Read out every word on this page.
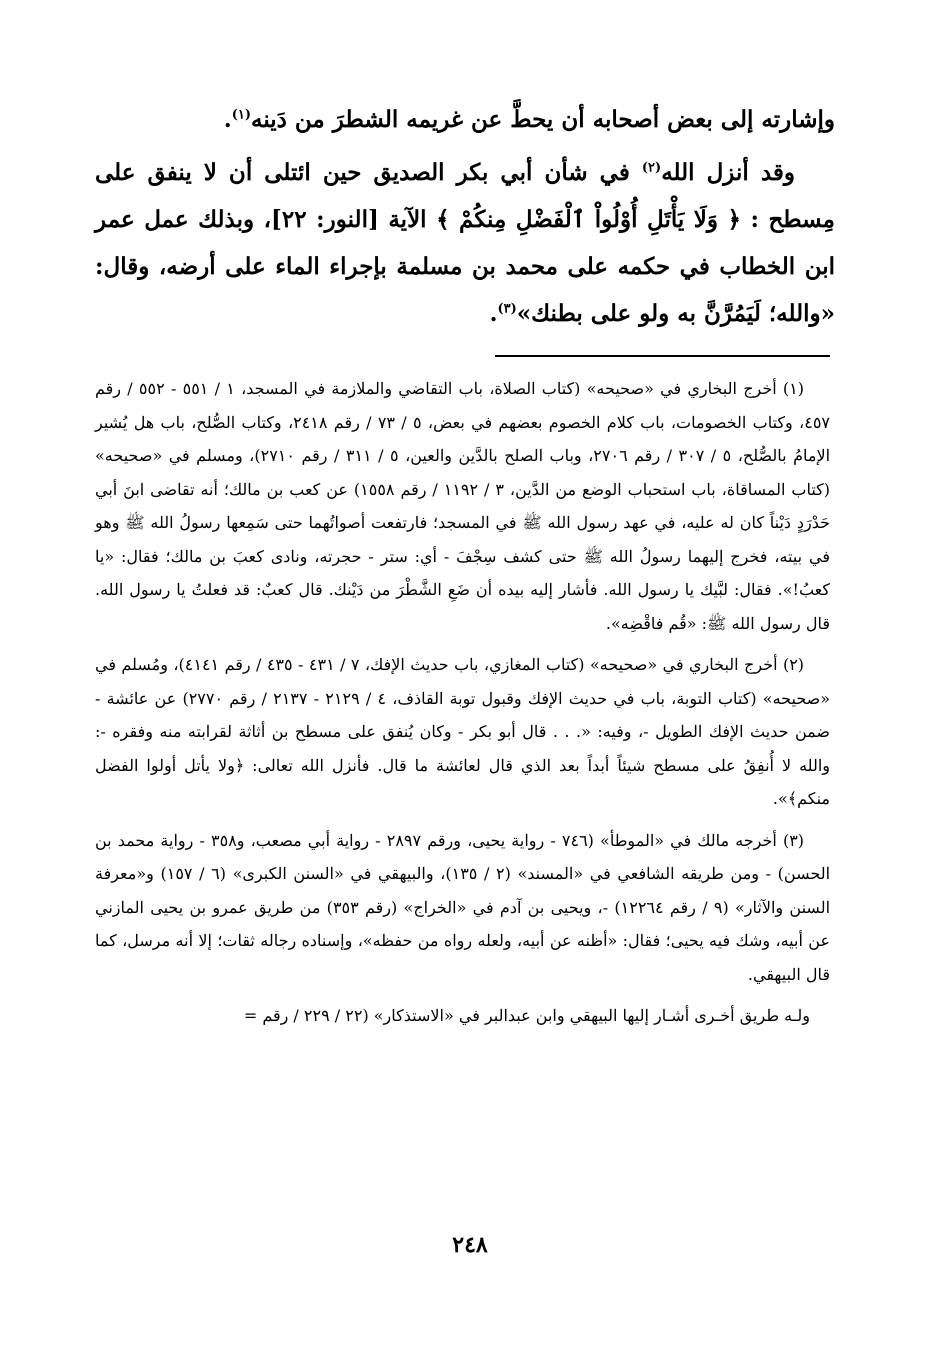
وإشارته إلى بعض أصحابه أن يحطَّ عن غريمه الشطرَ من دَينه$^{(١)}$.

وقد أنزل الله$^{(٢)}$ في شأن أبي بكر الصديق حين ائتلى أن لا ينفق على مِسطح : ﴿ وَلَا يَأْتَلِ أُوْلُواْ ٱلْفَضْلِ مِنكُمْ ﴾ الآية [النور: ٢٢]، وبذلك عمل عمر ابن الخطاب في حكمه على محمد بن مسلمة بإجراء الماء على أرضه، وقال: «والله؛ لَيَمُرَّنَّ به ولو على بطنك»$^{(٣)}$.

(١) أخرج البخاري في «صحيحه» (كتاب الصلاة، باب التقاضي والملازمة في المسجد، ١ / ٥٥١ - ٥٥٢ / رقم ٤٥٧، وكتاب الخصومات، باب كلام الخصوم بعضهم في بعض، ٥ / ٧٣ / رقم ٢٤١٨، وكتاب الصُّلح، باب هل يُشير الإمامُ بالصُّلح، ٥ / ٣٠٧ / رقم ٢٧٠٦، وباب الصلح بالدَّين والعين، ٥ / ٣١١ / رقم ٢٧١٠)، ومسلم في «صحيحه» (كتاب المساقاة، باب استحباب الوضع من الدَّين، ٣ / ١١٩٢ / رقم ١٥٥٨) عن كعب بن مالك؛ أنه تقاضى ابنَ أبي حَدْرَدٍ دَيْناً كان له عليه، في عهد رسول الله ﷺ في المسجد؛ فارتفعت أصواتُهما حتى سَمِعها رسولُ الله ﷺ وهو في بيته، فخرج إليهما رسولُ الله ﷺ حتى كشف سِجْفَ - أي: ستر - حجرته، ونادى كعبَ بن مالك؛ فقال: «يا كعبُ!». فقال: لبَّيك يا رسول الله. فأشار إليه بيده أن ضَعِ الشَّطْرَ من دَيْنك. قال كعبٌ: قد فعلتُ يا رسول الله. قال رسول الله ﷺ: «قُم فاقْضِه».

(٢) أخرج البخاري في «صحيحه» (كتاب المغازي، باب حديث الإفك، ٧ / ٤٣١ - ٤٣٥ / رقم ٤١٤١)، ومُسلم في «صحيحه» (كتاب التوبة، باب في حديث الإفك وقبول توبة القاذف، ٤ / ٢١٢٩ - ٢١٣٧ / رقم ٢٧٧٠) عن عائشة - ضمن حديث الإفك الطويل -، وفيه: «. . . قال أبو بكر - وكان يُنفق على مسطح بن أثاثة لقرابته منه وفقره -: والله لا أُنفِقُ على مسطح شيئاً أبداً بعد الذي قال لعائشة ما قال. فأنزل الله تعالى: ﴿ولا يأتل أولوا الفضل منكم﴾».

(٣) أخرجه مالك في «الموطأ» (٧٤٦ - رواية يحيى، ورقم ٢٨٩٧ - رواية أبي مصعب، و٣٥٨ - رواية محمد بن الحسن) - ومن طريقه الشافعي في «المسند» (٢ / ١٣٥)، والبيهقي في «السنن الكبرى» (٦ / ١٥٧) و«معرفة السنن والآثار» (٩ / رقم ١٢٢٦٤) -، ويحيى بن آدم في «الخراج» (رقم ٣٥٣) من طريق عمرو بن يحيى المازني عن أبيه، وشك فيه يحيى؛ فقال: «أظنه عن أبيه، ولعله رواه من حفظه»، وإسناده رجاله ثقات؛ إلا أنه مرسل، كما قال البيهقي.

ولـه طريق أخـرى أشـار إليها البيهقي وابن عبدالبر في «الاستذكار» (٢٢ / ٢٢٩ / رقم =

٢٤٨
